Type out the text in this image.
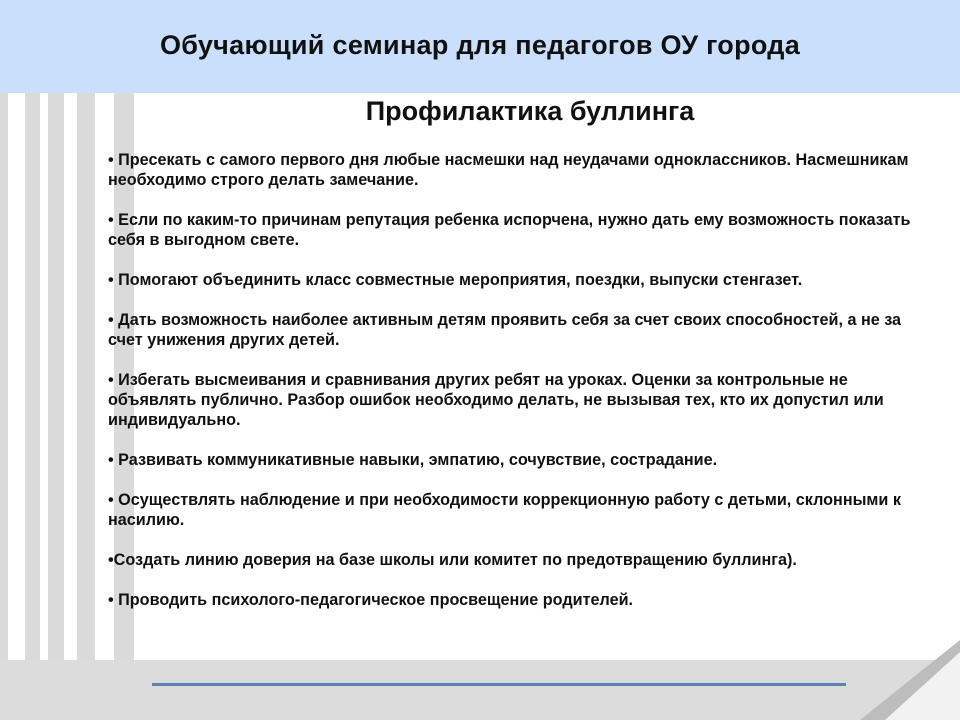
Обучающий семинар для педагогов ОУ города
Профилактика буллинга
• Пресекать с самого первого дня любые насмешки над неудачами одноклассников. Насмешникам необходимо строго делать замечание.
• Если по каким-то причинам репутация ребенка испорчена, нужно дать ему возможность показать себя в выгодном свете.
• Помогают объединить класс совместные мероприятия, поездки, выпуски стенгазет.
• Дать возможность наиболее активным детям проявить себя за счет своих способностей, а не за счет унижения других детей.
• Избегать высмеивания и сравнивания других ребят на уроках. Оценки за контрольные не объявлять публично. Разбор ошибок необходимо делать, не вызывая тех, кто их допустил или индивидуально.
• Развивать коммуникативные навыки, эмпатию, сочувствие, сострадание.
• Осуществлять наблюдение и при необходимости коррекционную работу с детьми, склонными к насилию.
•Создать линию доверия на базе школы или комитет по предотвращению буллинга).
• Проводить психолого-педагогическое просвещение родителей.
